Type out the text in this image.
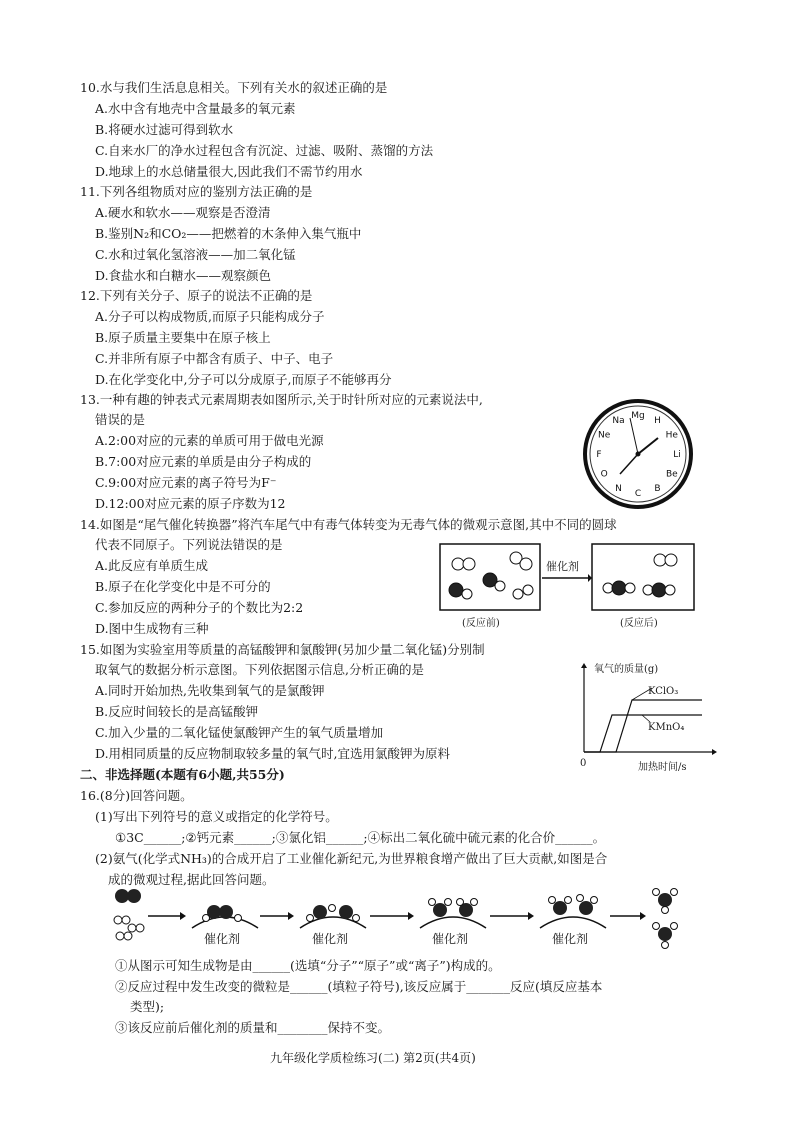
10.水与我们生活息息相关。下列有关水的叙述正确的是
A.水中含有地壳中含量最多的氧元素
B.将硬水过滤可得到软水
C.自来水厂的净水过程包含有沉淀、过滤、吸附、蒸馏的方法
D.地球上的水总储量很大,因此我们不需节约用水
11.下列各组物质对应的鉴别方法正确的是
A.硬水和软水——观察是否澄清
B.鉴别N₂和CO₂——把燃着的木条伸入集气瓶中
C.水和过氧化氢溶液——加二氧化锰
D.食盐水和白糖水——观察颜色
12.下列有关分子、原子的说法不正确的是
A.分子可以构成物质,而原子只能构成分子
B.原子质量主要集中在原子核上
C.并非所有原子中都含有质子、中子、电子
D.在化学变化中,分子可以分成原子,而原子不能够再分
13.一种有趣的钟表式元素周期表如图所示,关于时针所对应的元素说法中,
错误的是
A.2:00对应的元素的单质可用于做电光源
B.7:00对应元素的单质是由分子构成的
C.9:00对应元素的离子符号为F⁻
D.12:00对应元素的原子序数为12
Mg
H
He
Li
Be
B
C
N
O
F
Ne
Na
14.如图是“尾气催化转换器”将汽车尾气中有毒气体转变为无毒气体的微观示意图,其中不同的圆球
代表不同原子。下列说法错误的是
A.此反应有单质生成
B.原子在化学变化中是不可分的
C.参加反应的两种分子的个数比为2:2
D.图中生成物有三种
催化剂
(反应前)	(反应后)
15.如图为实验室用等质量的高锰酸钾和氯酸钾(另加少量二氧化锰)分别制
取氧气的数据分析示意图。下列依据图示信息,分析正确的是
A.同时开始加热,先收集到氧气的是氯酸钾
B.反应时间较长的是高锰酸钾
C.加入少量的二氧化锰使氯酸钾产生的氧气质量增加
D.用相同质量的反应物制取较多量的氧气时,宜选用氯酸钾为原料
氧气的质量(g)
KClO₃
KMnO₄
0	加热时间/s
二、非选择题(本题有6小题,共55分)
16.(8分)回答问题。
(1)写出下列符号的意义或指定的化学符号。
①3C______;②钙元素______;③氯化铝______;④标出二氧化硫中硫元素的化合价______。
(2)氨气(化学式NH₃)的合成开启了工业催化新纪元,为世界粮食增产做出了巨大贡献,如图是合
成的微观过程,据此回答问题。
催化剂	催化剂	催化剂	催化剂
①从图示可知生成物是由______(选填“分子”“原子”或“离子”)构成的。
②反应过程中发生改变的微粒是______(填粒子符号),该反应属于_______反应(填反应基本
类型);
③该反应前后催化剂的质量和________保持不变。
九年级化学质检练习(二) 第2页(共4页)
